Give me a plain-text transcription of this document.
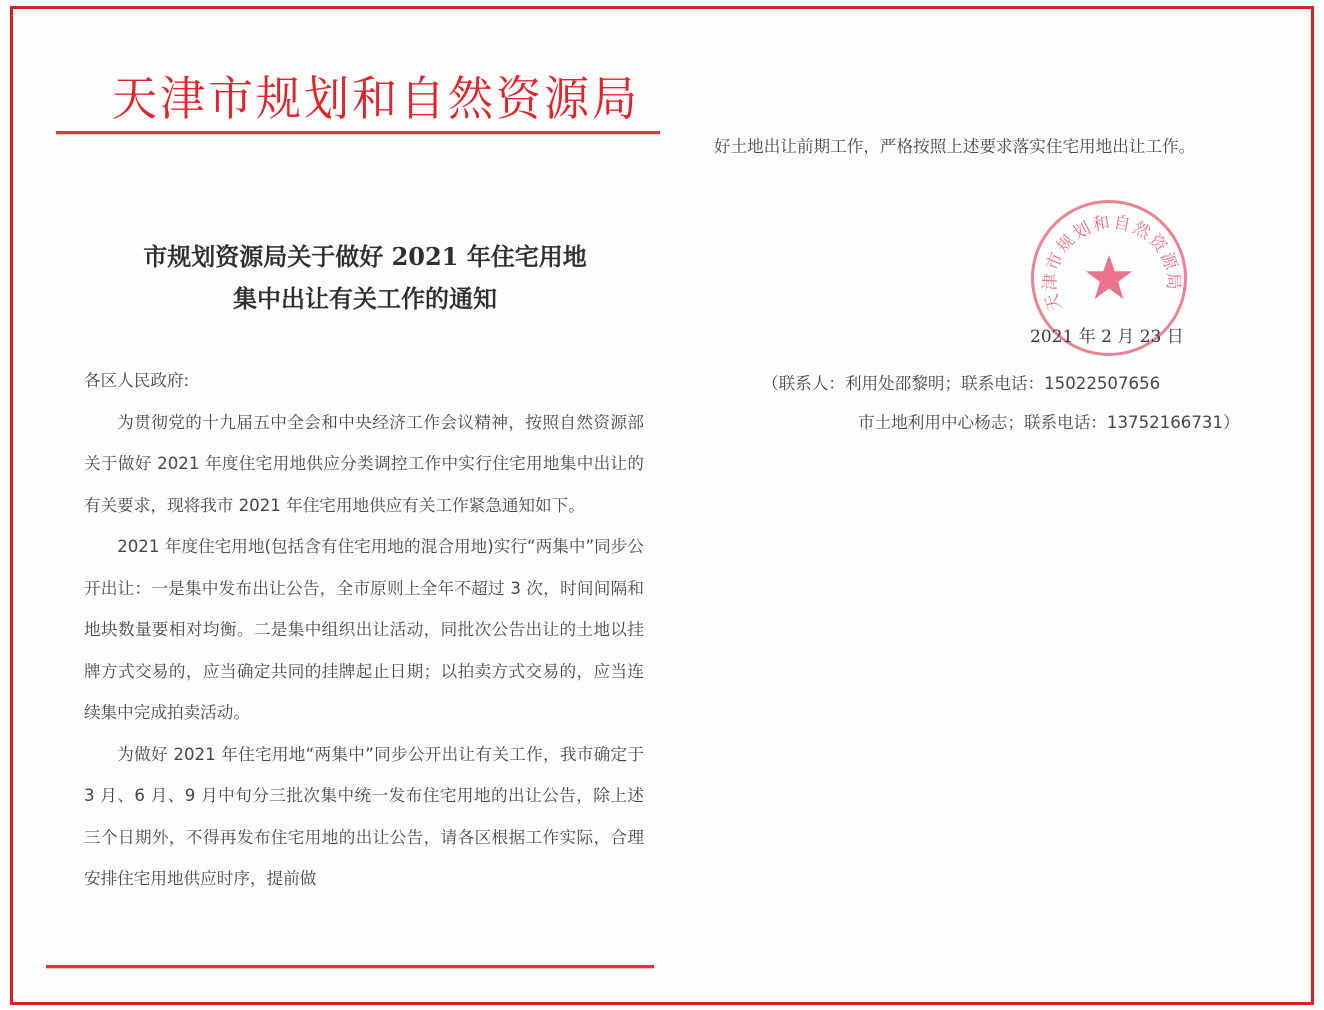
天津市规划和自然资源局
市规划资源局关于做好 2021 年住宅用地
集中出让有关工作的通知

各区人民政府:

为贯彻党的十九届五中全会和中央经济工作会议精神，按照自然资源部关于做好 2021 年度住宅用地供应分类调控工作中实行住宅用地集中出让的有关要求，现将我市 2021 年住宅用地供应有关工作紧急通知如下。

2021 年度住宅用地(包括含有住宅用地的混合用地)实行“两集中”同步公开出让：一是集中发布出让公告，全市原则上全年不超过 3 次，时间间隔和地块数量要相对均衡。二是集中组织出让活动，同批次公告出让的土地以挂牌方式交易的，应当确定共同的挂牌起止日期；以拍卖方式交易的，应当连续集中完成拍卖活动。

为做好 2021 年住宅用地“两集中”同步公开出让有关工作，我市确定于 3 月、6 月、9 月中旬分三批次集中统一发布住宅用地的出让公告，除上述三个日期外，不得再发布住宅用地的出让公告，请各区根据工作实际，合理安排住宅用地供应时序，提前做

好土地出让前期工作，严格按照上述要求落实住宅用地出让工作。

天津市规划和自然资源局
2021 年 2 月 23 日
（联系人：利用处邵黎明；联系电话：15022507656
市土地利用中心杨志；联系电话：13752166731）
